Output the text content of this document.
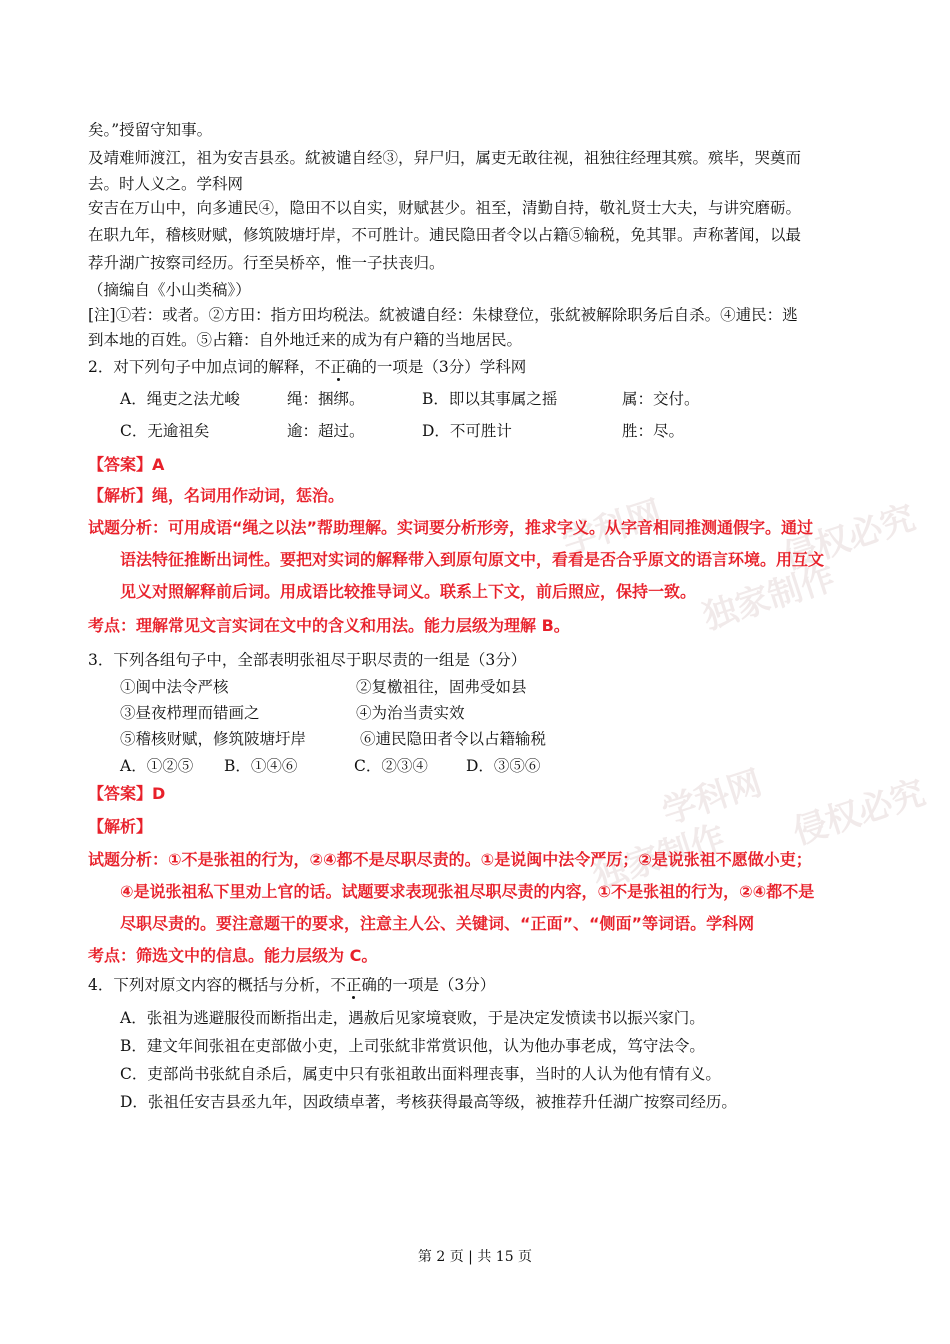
学科网
独家制作
侵权必究
学科网
独家制作
侵权必究
矣。”授留守知事。
及靖难师渡江，祖为安吉县丞。紞被谴自经③，舁尸归，属吏无敢往视，祖独往经理其殡。殡毕，哭奠而
去。时人义之。学科网
安吉在万山中，向多逋民④，隐田不以自实，财赋甚少。祖至，清勤自持，敬礼贤士大夫，与讲究磨砺。
在职九年，稽核财赋，修筑陂塘圩岸，不可胜计。逋民隐田者令以占籍⑤输税，免其罪。声称著闻，以最
荐升湖广按察司经历。行至吴桥卒，惟一子扶丧归。
（摘编自《小山类稿》）
[注]①若：或者。②方田：指方田均税法。紞被谴自经：朱棣登位，张紞被解除职务后自杀。④逋民：逃
到本地的百姓。⑤占籍：自外地迁来的成为有户籍的当地居民。
2．对下列句子中加点词的解释，不正确的一项是（3分）学科网
A．绳吏之法尤峻	绳：捆绑。	B．即以其事属之摇	属：交付。
C．无逾祖矣	逾：超过。	D．不可胜计	胜：尽。
【答案】A
【解析】绳，名词用作动词，惩治。
试题分析：可用成语“绳之以法”帮助理解。实词要分析形旁，推求字义。从字音相同推测通假字。通过
语法特征推断出词性。要把对实词的解释带入到原句原文中，看看是否合乎原文的语言环境。用互文
见义对照解释前后词。用成语比较推导词义。联系上下文，前后照应，保持一致。
考点：理解常见文言实词在文中的含义和用法。能力层级为理解 B。
3．下列各组句子中，全部表明张祖尽于职尽责的一组是（3分）
①闽中法令严核	②复檄祖往，固弗受如县
③昼夜栉理而错画之	④为治当责实效
⑤稽核财赋，修筑陂塘圩岸	⑥逋民隐田者令以占籍输税
A．①②⑤ B．①④⑥	C．②③④ D．③⑤⑥
【答案】D
【解析】
试题分析：①不是张祖的行为，②④都不是尽职尽责的。①是说闽中法令严厉；②是说张祖不愿做小吏；
④是说张祖私下里劝上官的话。试题要求表现张祖尽职尽责的内容，①不是张祖的行为，②④都不是
尽职尽责的。要注意题干的要求，注意主人公、关键词、“正面”、“侧面”等词语。学科网
考点：筛选文中的信息。能力层级为 C。
4．下列对原文内容的概括与分析，不正确的一项是（3分）
A．张祖为逃避服役而断指出走，遇赦后见家境衰败，于是决定发愤读书以振兴家门。
B．建文年间张祖在吏部做小吏，上司张紞非常赏识他，认为他办事老成，笃守法令。
C．吏部尚书张紞自杀后，属吏中只有张祖敢出面料理丧事，当时的人认为他有情有义。
D．张祖任安吉县丞九年，因政绩卓著，考核获得最高等级，被推荐升任湖广按察司经历。
第 2 页 | 共 15 页
